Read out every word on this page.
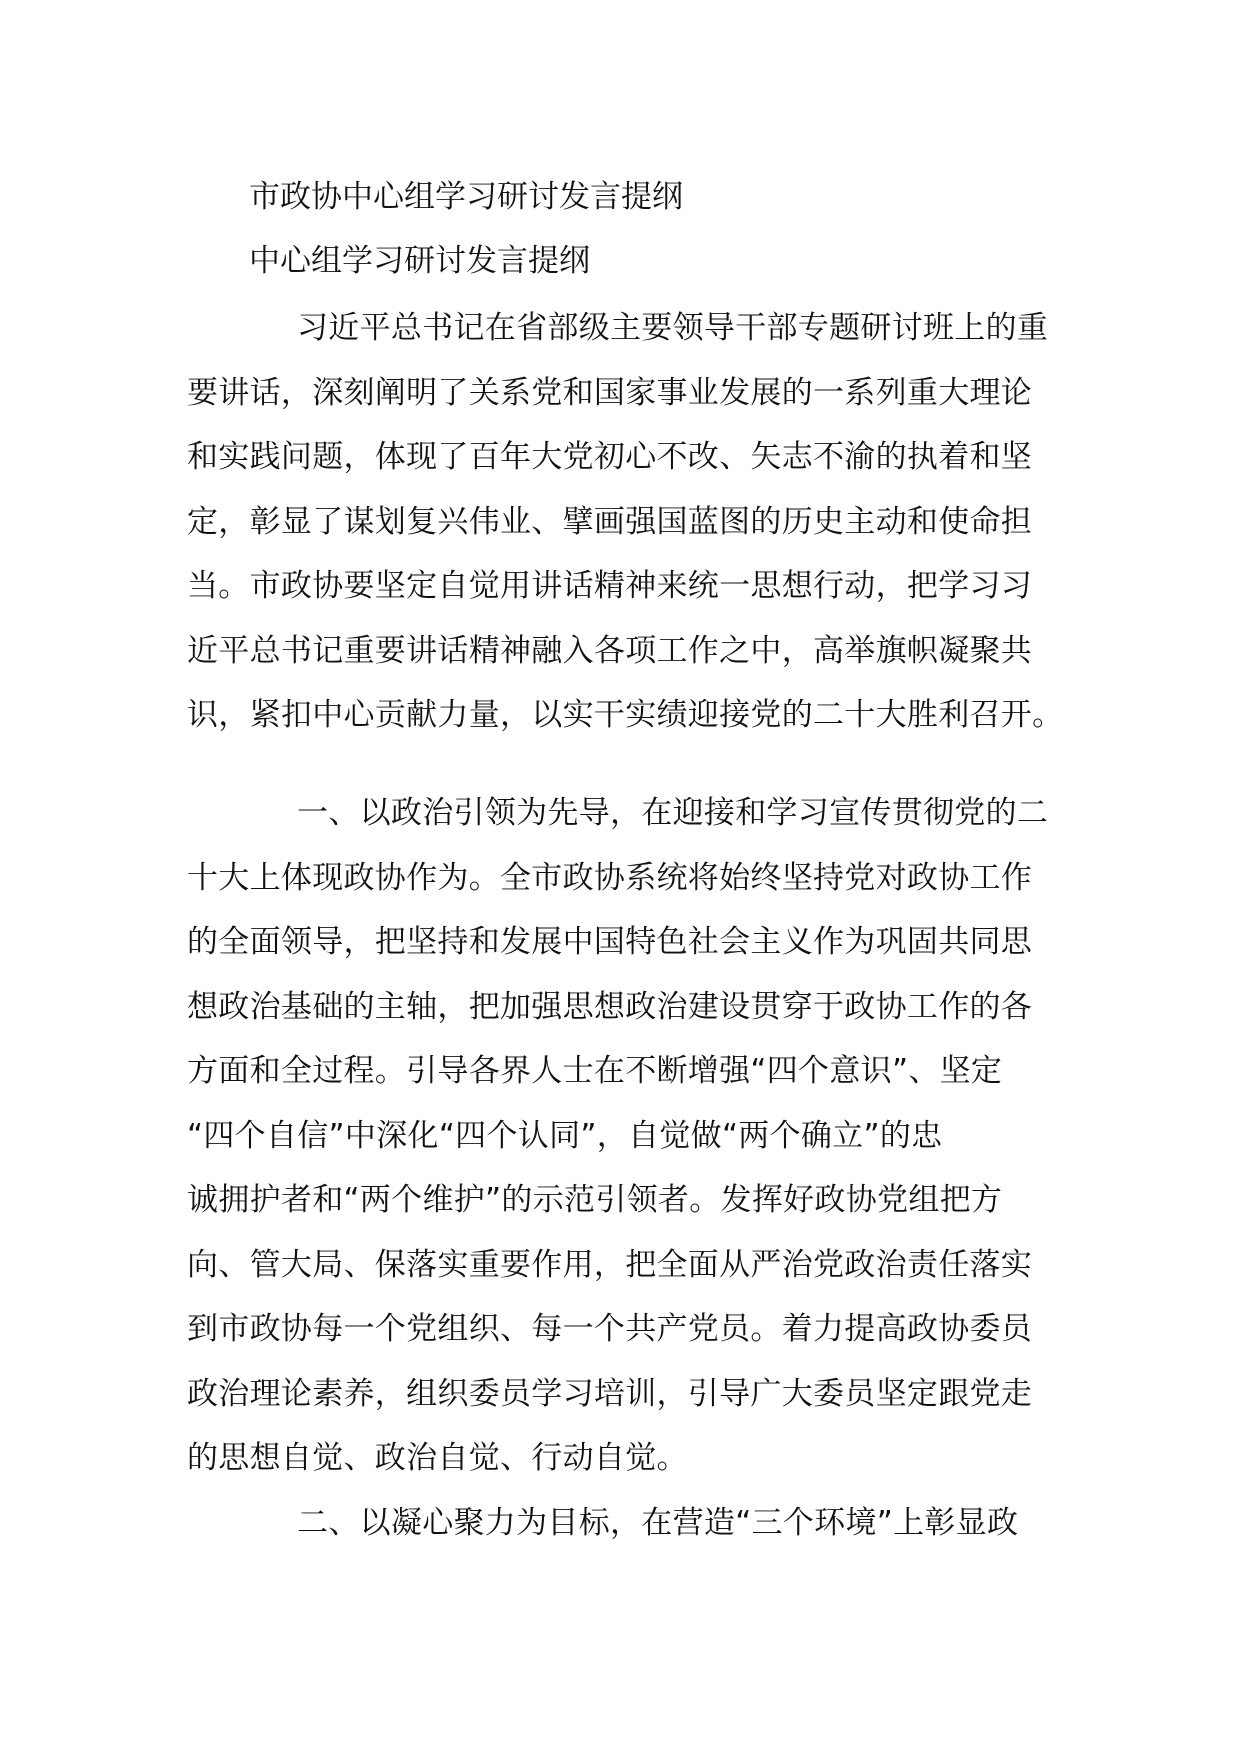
市政协中心组学习研讨发言提纲
中心组学习研讨发言提纲
习近平总书记在省部级主要领导干部专题研讨班上的重
要讲话，深刻阐明了关系党和国家事业发展的一系列重大理论
和实践问题，体现了百年大党初心不改、矢志不渝的执着和坚
定，彰显了谋划复兴伟业、擘画强国蓝图的历史主动和使命担
当。市政协要坚定自觉用讲话精神来统一思想行动，把学习习
近平总书记重要讲话精神融入各项工作之中，高举旗帜凝聚共
识，紧扣中心贡献力量，以实干实绩迎接党的二十大胜利召开。
一、以政治引领为先导，在迎接和学习宣传贯彻党的二
十大上体现政协作为。全市政协系统将始终坚持党对政协工作
的全面领导，把坚持和发展中国特色社会主义作为巩固共同思
想政治基础的主轴，把加强思想政治建设贯穿于政协工作的各
方面和全过程。引导各界人士在不断增强“四个意识”、坚定
“四个自信”中深化“四个认同”，自觉做“两个确立”的忠
诚拥护者和“两个维护”的示范引领者。发挥好政协党组把方
向、管大局、保落实重要作用，把全面从严治党政治责任落实
到市政协每一个党组织、每一个共产党员。着力提高政协委员
政治理论素养，组织委员学习培训，引导广大委员坚定跟党走
的思想自觉、政治自觉、行动自觉。
二、以凝心聚力为目标，在营造“三个环境”上彰显政
